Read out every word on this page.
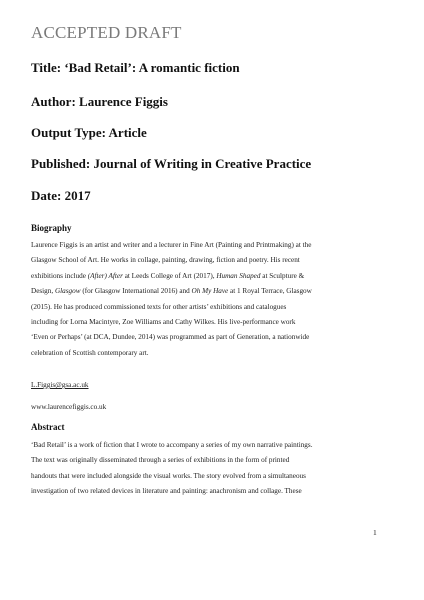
ACCEPTED DRAFT
Title: ‘Bad Retail’: A romantic fiction
Author: Laurence Figgis
Output Type: Article
Published: Journal of Writing in Creative Practice
Date: 2017
Biography
Laurence Figgis is an artist and writer and a lecturer in Fine Art (Painting and Printmaking) at the
Glasgow School of Art. He works in collage, painting, drawing, fiction and poetry. His recent
exhibitions include (After) After at Leeds College of Art (2017), Human Shaped at Sculpture &
Design, Glasgow (for Glasgow International 2016) and Oh My Have at 1 Royal Terrace, Glasgow
(2015). He has produced commissioned texts for other artists’ exhibitions and catalogues
including for Lorna Macintyre, Zoe Williams and Cathy Wilkes. His live-performance work
‘Even or Perhaps’ (at DCA, Dundee, 2014) was programmed as part of Generation, a nationwide
celebration of Scottish contemporary art.
L.Figgis@gsa.ac.uk
www.laurencefiggis.co.uk
Abstract
‘Bad Retail’ is a work of fiction that I wrote to accompany a series of my own narrative paintings.
The text was originally disseminated through a series of exhibitions in the form of printed
handouts that were included alongside the visual works. The story evolved from a simultaneous
investigation of two related devices in literature and painting: anachronism and collage. These
1
